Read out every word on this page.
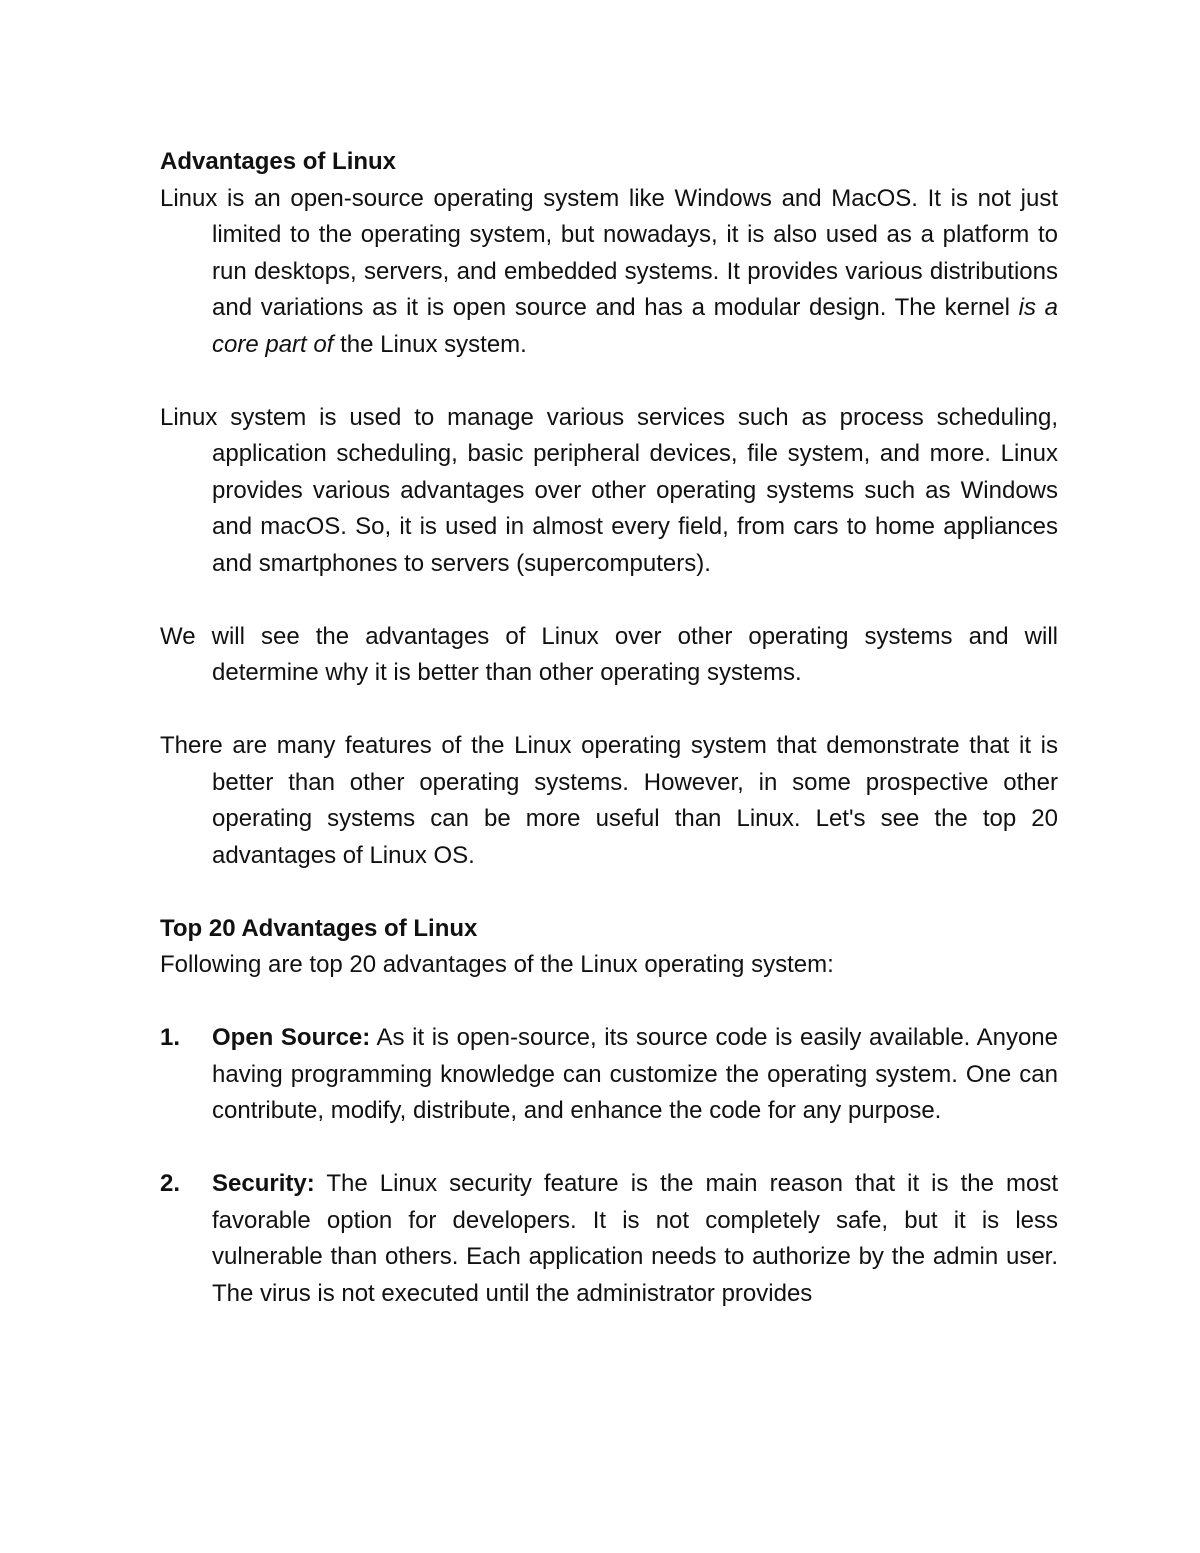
Advantages of Linux

Linux is an open-source operating system like Windows and MacOS. It is not just limited to the operating system, but nowadays, it is also used as a platform to run desktops, servers, and embedded systems. It provides various distributions and variations as it is open source and has a modular design. The kernel is a core part of the Linux system.

Linux system is used to manage various services such as process scheduling, application scheduling, basic peripheral devices, file system, and more. Linux provides various advantages over other operating systems such as Windows and macOS. So, it is used in almost every field, from cars to home appliances and smartphones to servers (supercomputers).

We will see the advantages of Linux over other operating systems and will determine why it is better than other operating systems.

There are many features of the Linux operating system that demonstrate that it is better than other operating systems. However, in some prospective other operating systems can be more useful than Linux. Let's see the top 20 advantages of Linux OS.

Top 20 Advantages of Linux

Following are top 20 advantages of the Linux operating system:

1. Open Source: As it is open-source, its source code is easily available. Anyone having programming knowledge can customize the operating system. One can contribute, modify, distribute, and enhance the code for any purpose.
2. Security: The Linux security feature is the main reason that it is the most favorable option for developers. It is not completely safe, but it is less vulnerable than others. Each application needs to authorize by the admin user. The virus is not executed until the administrator provides
